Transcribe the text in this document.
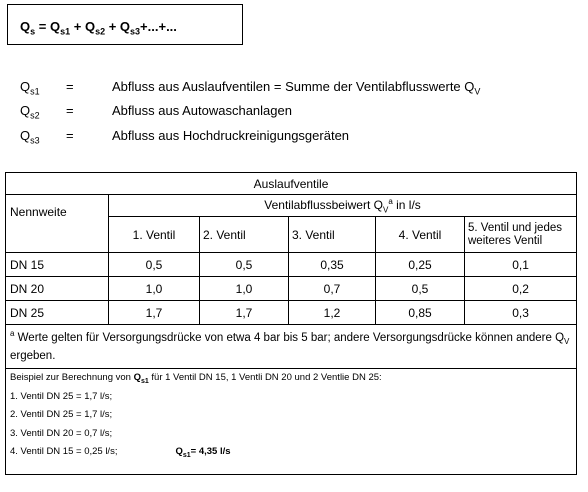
$Q_s = Q_{s1} + Q_{s2} + Q_{s3}+...+$...
$Q_{s1}$ =	Abfluss aus Auslaufventilen = Summe der Ventilabflusswerte $Q_V$
$Q_{s2}$ =	Abfluss aus Autowaschanlagen
$Q_{s3}$ =	Abfluss aus Hochdruckreinigungsgeräten
Auslaufventile					
Nennweite	Ventilabflussbeiwert $Q_V^a$ in l/s				
	1. Ventil	2. Ventil	3. Ventil	4. Ventil	5. Ventil und jedes weiteres Ventil
DN 15	0,5	0,5	0,35	0,25	0,1
DN 20	1,0	1,0	0,7	0,5	0,2
DN 25	1,7	1,7	1,2	0,85	0,3
$^a$ Werte gelten für Versorgungsdrücke von etwa 4 bar bis 5 bar; andere Versorgungsdrücke können andere $Q_V$ ergeben.					

Beispiel zur Berechnung von $Q_{s1}$ für 1 Ventil DN 15, 1 Ventli DN 20 und 2 Ventlie DN 25:
1. Ventil DN 25 = 1,7 l/s;
2. Ventil DN 25 = 1,7 l/s;
3. Ventil DN 20 = 0,7 l/s;
4. Ventil DN 15 = 0,25 l/s; $Q_{s1}= 4,35$ l/s					
